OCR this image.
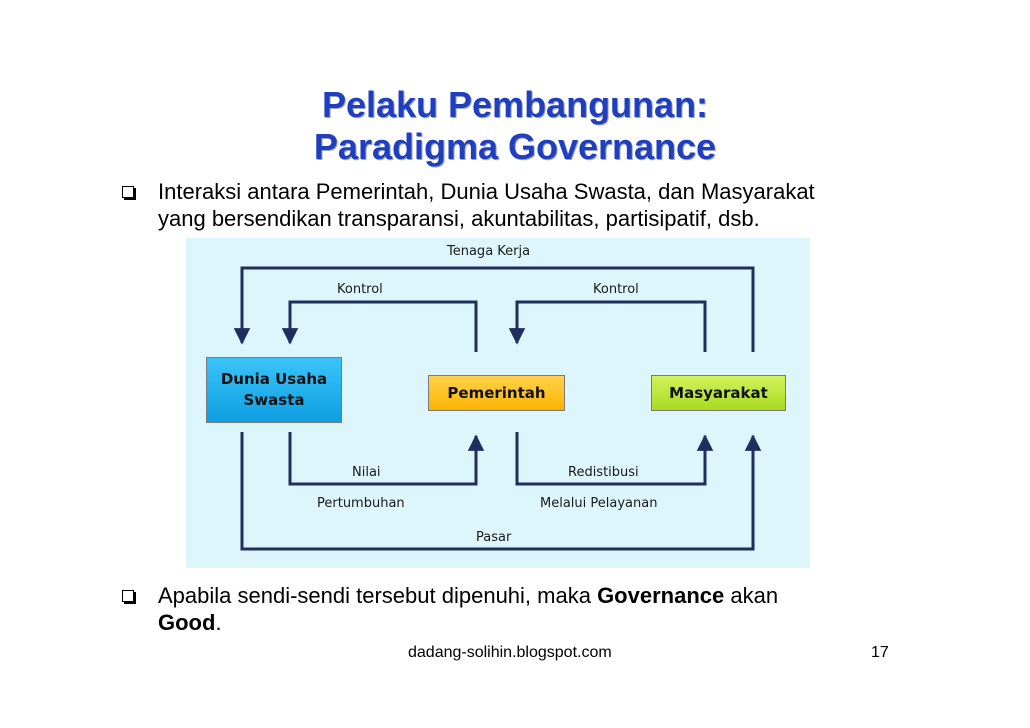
Pelaku Pembangunan:
Paradigma Governance
Interaksi antara Pemerintah, Dunia Usaha Swasta, dan Masyarakat
yang bersendikan transparansi, akuntabilitas, partisipatif, dsb.
Tenaga Kerja
Kontrol	Kontrol
Nilai
Pertumbuhan
Redistibusi
Melalui Pelayanan
Pasar
Dunia Usaha
Swasta	Pemerintah	Masyarakat
Apabila sendi-sendi tersebut dipenuhi, maka Governance akan
Good.
dadang-solihin.blogspot.com	17
